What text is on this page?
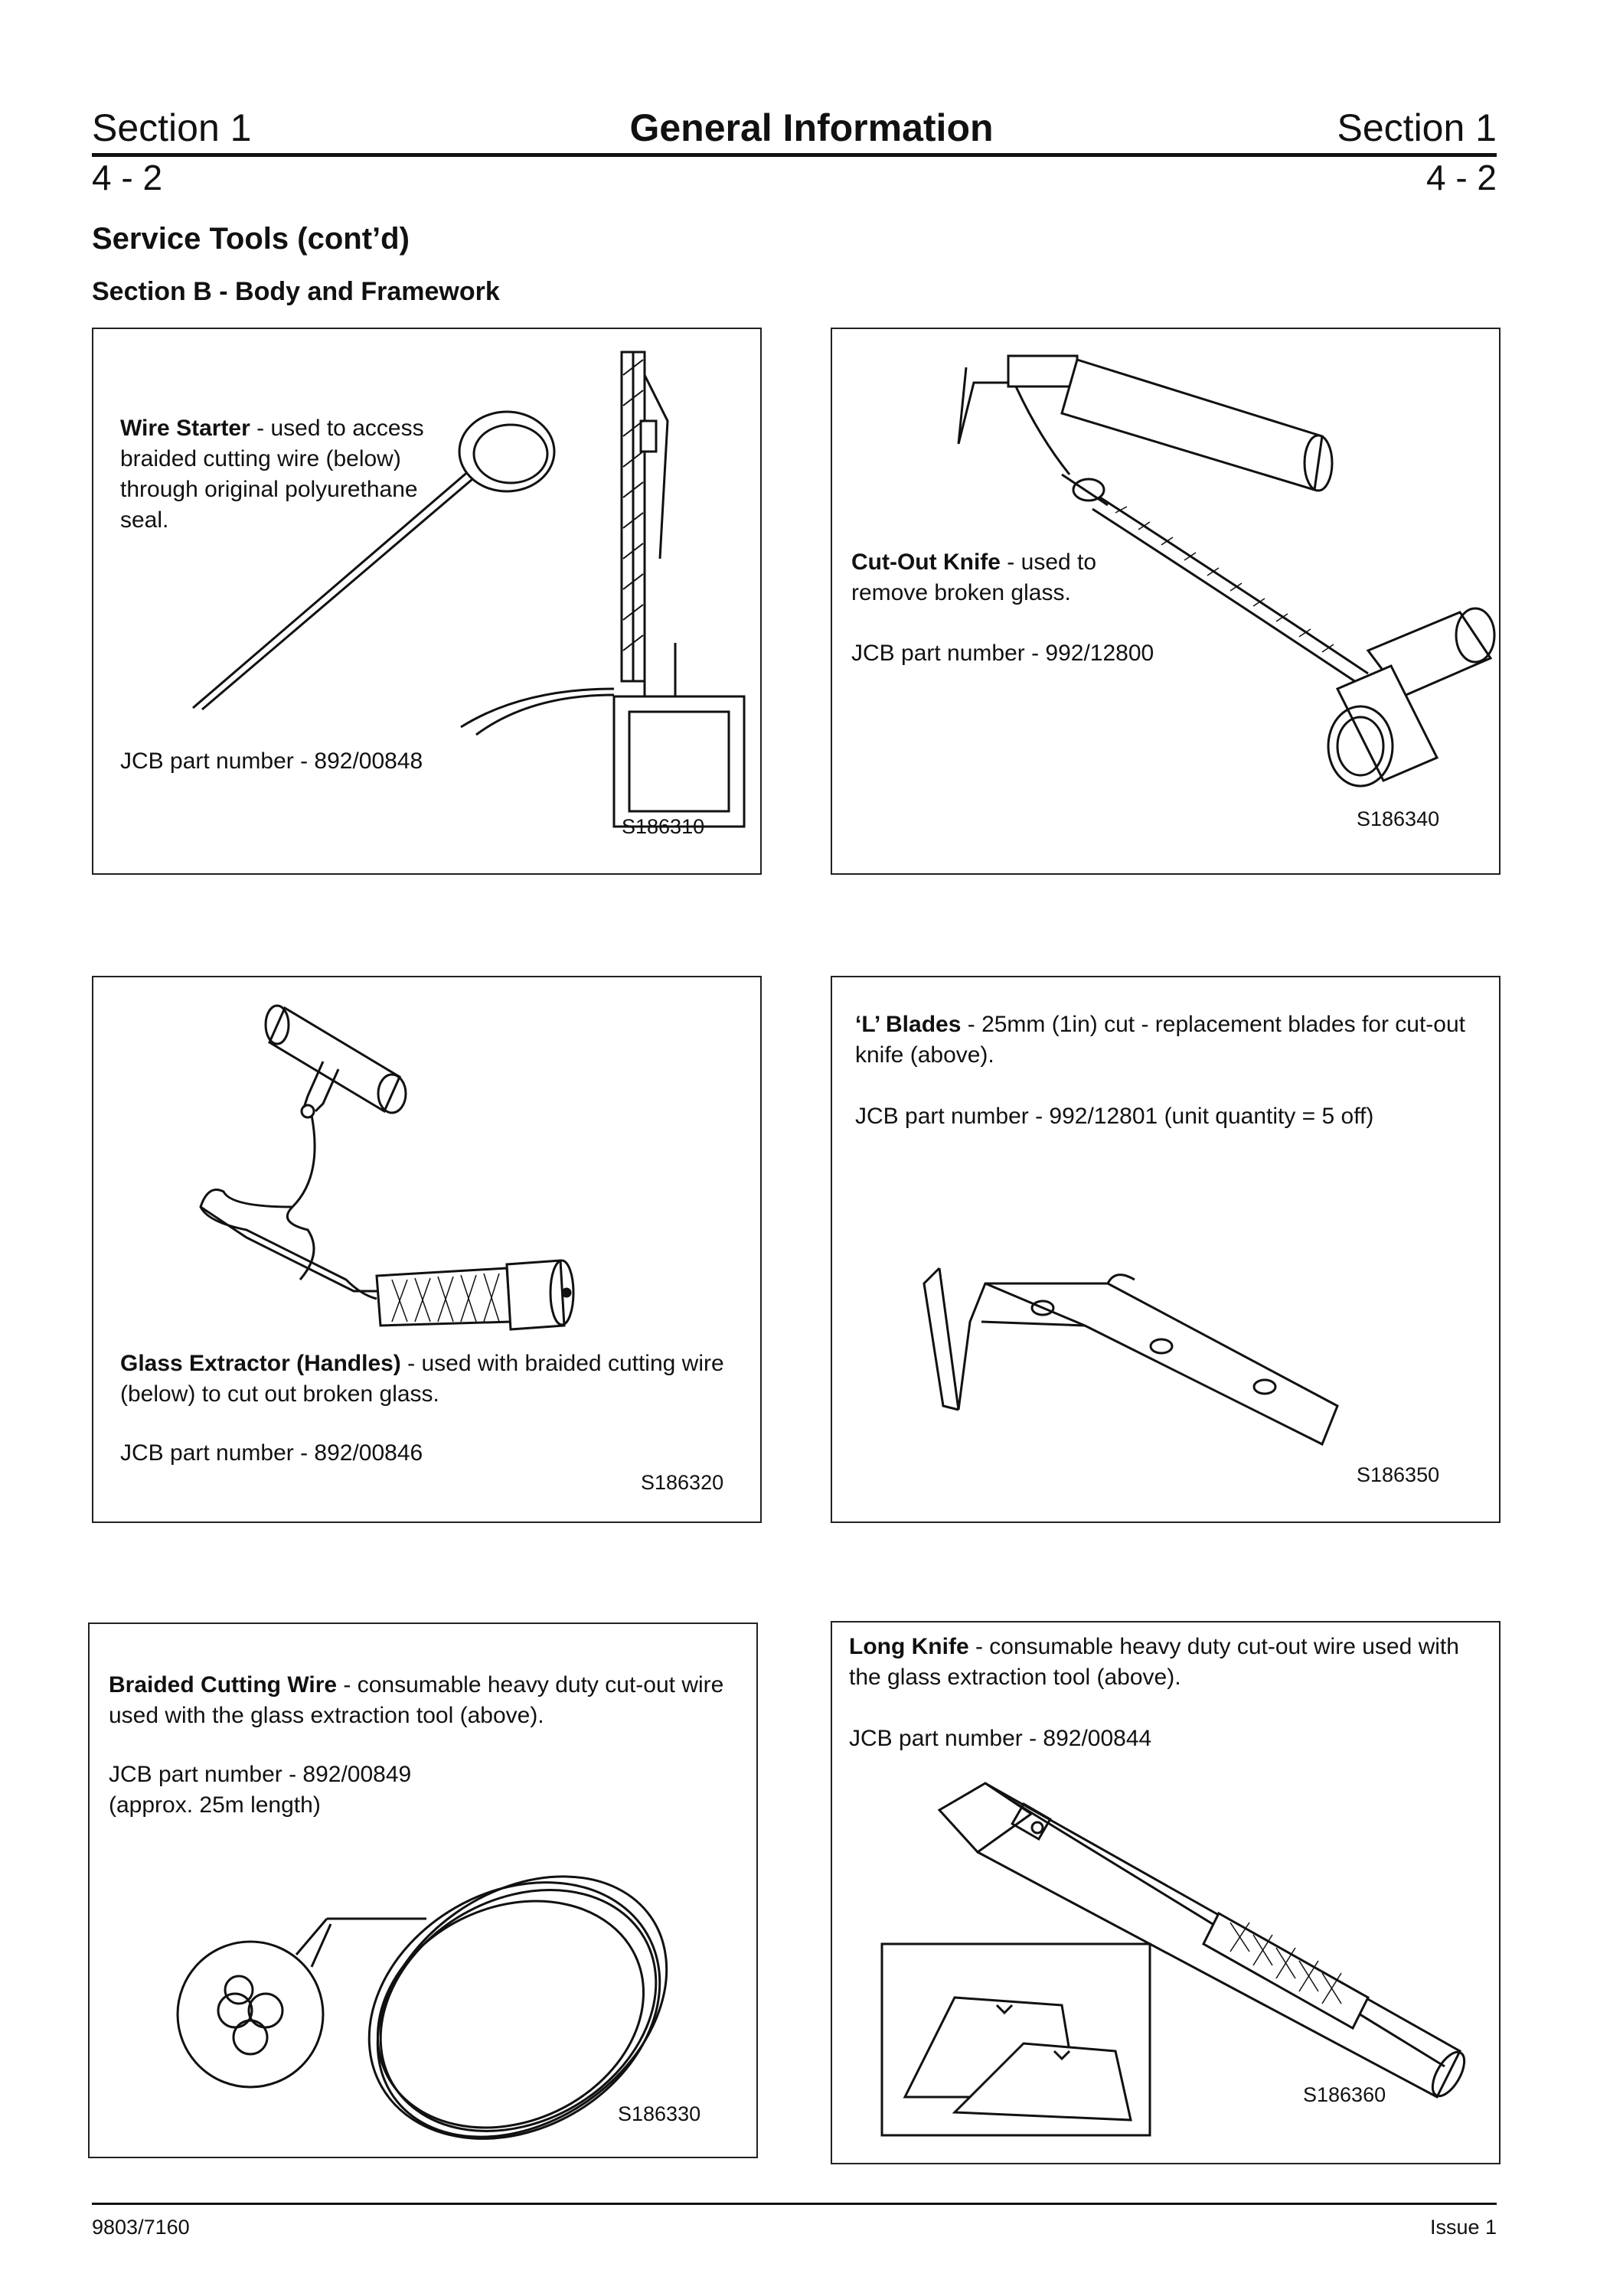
Section 1	General Information	Section 1
4 - 2	4 - 2
Service Tools (cont’d)
Section B - Body and Framework
Wire Starter - used to access braided cutting wire (below) through original polyurethane seal.
JCB part number - 892/00848
S186310
Cut-Out Knife - used to remove broken glass.
JCB part number - 992/12800
S186340
Glass Extractor (Handles) - used with braided cutting wire (below) to cut out broken glass.
JCB part number - 892/00846
S186320
‘L’ Blades - 25mm (1in) cut - replacement blades for cut-out knife (above).
JCB part number - 992/12801 (unit quantity = 5 off)
S186350
Braided Cutting Wire - consumable heavy duty cut-out wire used with the glass extraction tool (above).
JCB part number - 892/00849
(approx. 25m length)
S186330
Long Knife - consumable heavy duty cut-out wire used with the glass extraction tool (above).
JCB part number - 892/00844
S186360
9803/7160	Issue 1
